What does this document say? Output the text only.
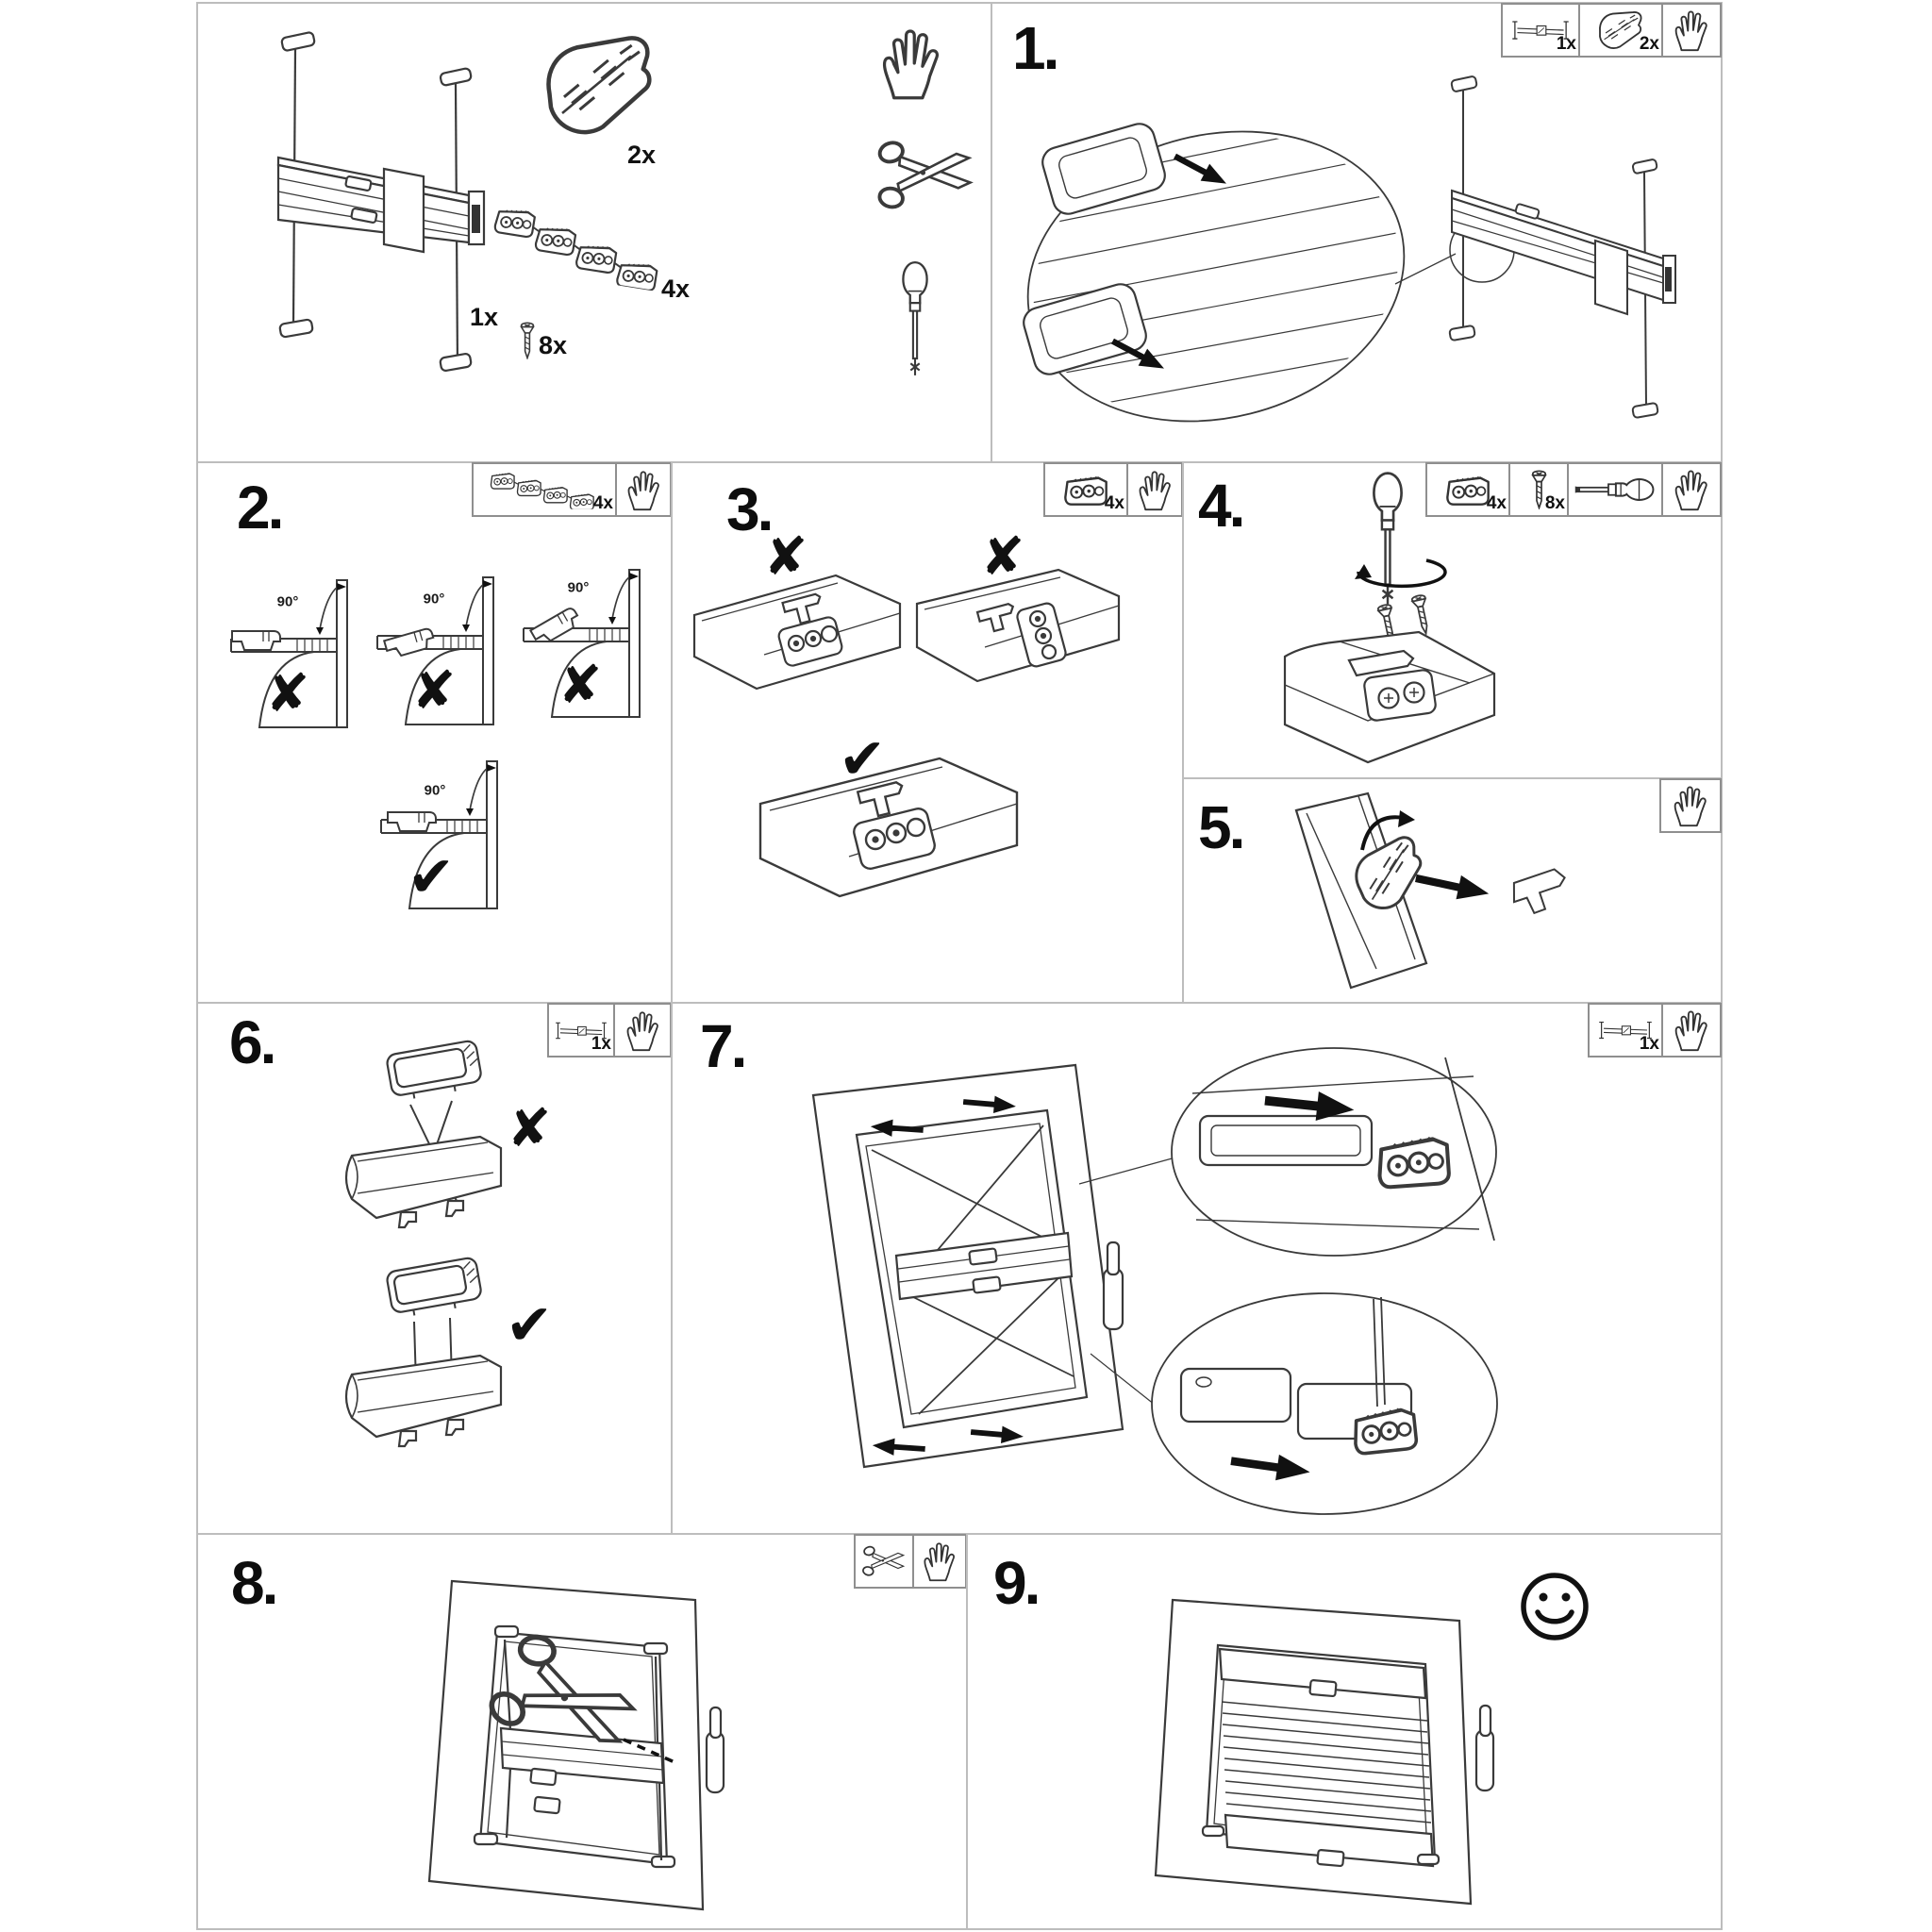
1x
2x
4x
8x
1.	1x	2x
2.	4x
90°	90°
90°
90°
✘ ✘ ✘
✔
3.	4x
✘	✘
✔
4.	4x 8x
5.
6.	1x
✘
✔
7.	1x
8.	9.
